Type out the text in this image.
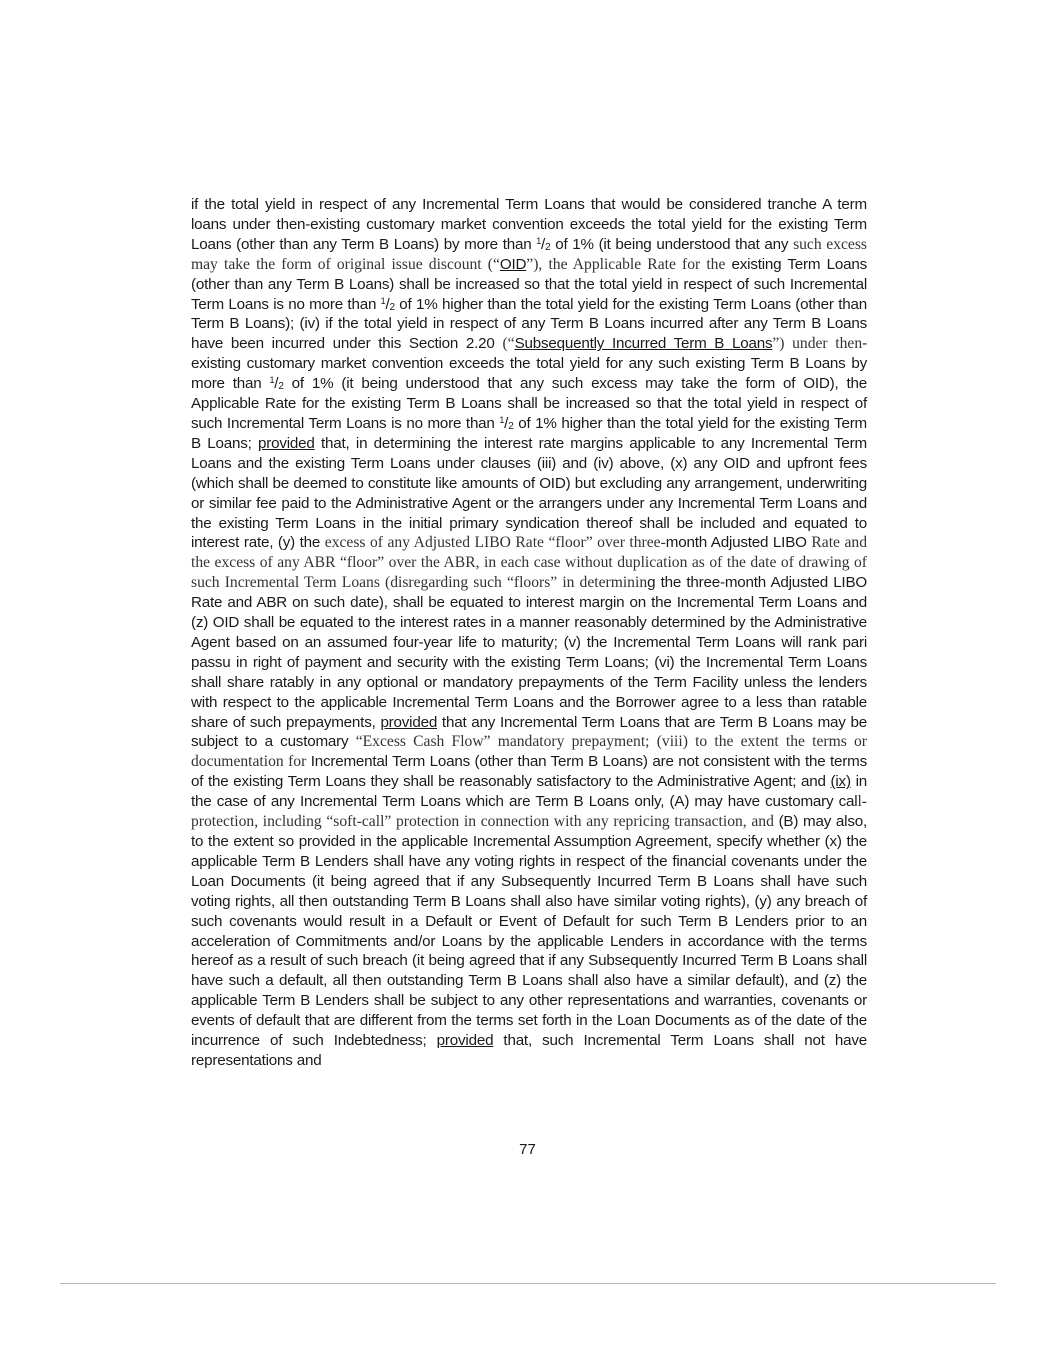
if the total yield in respect of any Incremental Term Loans that would be considered tranche A term loans under then-existing customary market convention exceeds the total yield for the existing Term Loans (other than any Term B Loans) by more than $^1/_2$ of 1% (it being understood that any such excess may take the form of original issue discount (“OID”), the Applicable Rate for the existing Term Loans (other than any Term B Loans) shall be increased so that the total yield in respect of such Incremental Term Loans is no more than $^1/_2$ of 1% higher than the total yield for the existing Term Loans (other than Term B Loans); (iv) if the total yield in respect of any Term B Loans incurred after any Term B Loans have been incurred under this Section 2.20 (“Subsequently Incurred Term B Loans”) under then-existing customary market convention exceeds the total yield for any such existing Term B Loans by more than $^1/_2$ of 1% (it being understood that any such excess may take the form of OID), the Applicable Rate for the existing Term B Loans shall be increased so that the total yield in respect of such Incremental Term Loans is no more than $^1/_2$ of 1% higher than the total yield for the existing Term B Loans; provided that, in determining the interest rate margins applicable to any Incremental Term Loans and the existing Term Loans under clauses (iii) and (iv) above, (x) any OID and upfront fees (which shall be deemed to constitute like amounts of OID) but excluding any arrangement, underwriting or similar fee paid to the Administrative Agent or the arrangers under any Incremental Term Loans and the existing Term Loans in the initial primary syndication thereof shall be included and equated to interest rate, (y) the excess of any Adjusted LIBO Rate “floor” over three-month Adjusted LIBO Rate and the excess of any ABR “floor” over the ABR, in each case without duplication as of the date of drawing of such Incremental Term Loans (disregarding such “floors” in determining the three-month Adjusted LIBO Rate and ABR on such date), shall be equated to interest margin on the Incremental Term Loans and (z) OID shall be equated to the interest rates in a manner reasonably determined by the Administrative Agent based on an assumed four-year life to maturity; (v) the Incremental Term Loans will rank pari passu in right of payment and security with the existing Term Loans; (vi) the Incremental Term Loans shall share ratably in any optional or mandatory prepayments of the Term Facility unless the lenders with respect to the applicable Incremental Term Loans and the Borrower agree to a less than ratable share of such prepayments, provided that any Incremental Term Loans that are Term B Loans may be subject to a customary “Excess Cash Flow” mandatory prepayment; (viii) to the extent the terms or documentation for Incremental Term Loans (other than Term B Loans) are not consistent with the terms of the existing Term Loans they shall be reasonably satisfactory to the Administrative Agent; and (ix) in the case of any Incremental Term Loans which are Term B Loans only, (A) may have customary call-protection, including “soft-call” protection in connection with any repricing transaction, and (B) may also, to the extent so provided in the applicable Incremental Assumption Agreement, specify whether (x) the applicable Term B Lenders shall have any voting rights in respect of the financial covenants under the Loan Documents (it being agreed that if any Subsequently Incurred Term B Loans shall have such voting rights, all then outstanding Term B Loans shall also have similar voting rights), (y) any breach of such covenants would result in a Default or Event of Default for such Term B Lenders prior to an acceleration of Commitments and/or Loans by the applicable Lenders in accordance with the terms hereof as a result of such breach (it being agreed that if any Subsequently Incurred Term B Loans shall have such a default, all then outstanding Term B Loans shall also have a similar default), and (z) the applicable Term B Lenders shall be subject to any other representations and warranties, covenants or events of default that are different from the terms set forth in the Loan Documents as of the date of the incurrence of such Indebtedness; provided that, such Incremental Term Loans shall not have representations and
77
